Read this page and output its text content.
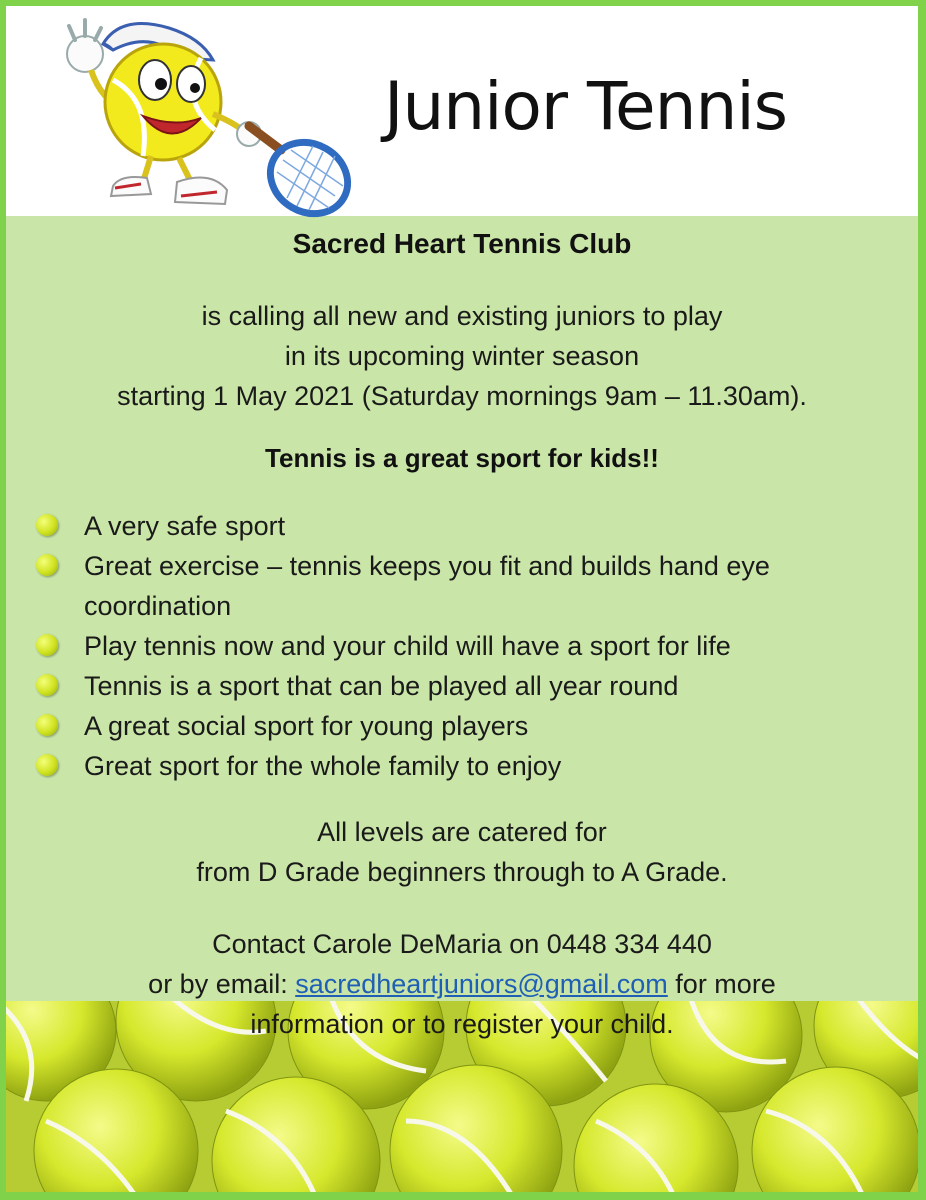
Junior Tennis
Sacred Heart Tennis Club
is calling all new and existing juniors to play
in its upcoming winter season
starting 1 May 2021 (Saturday mornings 9am – 11.30am).
Tennis is a great sport for kids!!
A very safe sport
Great exercise – tennis keeps you fit and builds hand eye coordination
Play tennis now and your child will have a sport for life
Tennis is a sport that can be played all year round
A great social sport for young players
Great sport for the whole family to enjoy
All levels are catered for
from D Grade beginners through to A Grade.
Contact Carole DeMaria on 0448 334 440
or by email: sacredheartjuniors@gmail.com for more
information or to register your child.
